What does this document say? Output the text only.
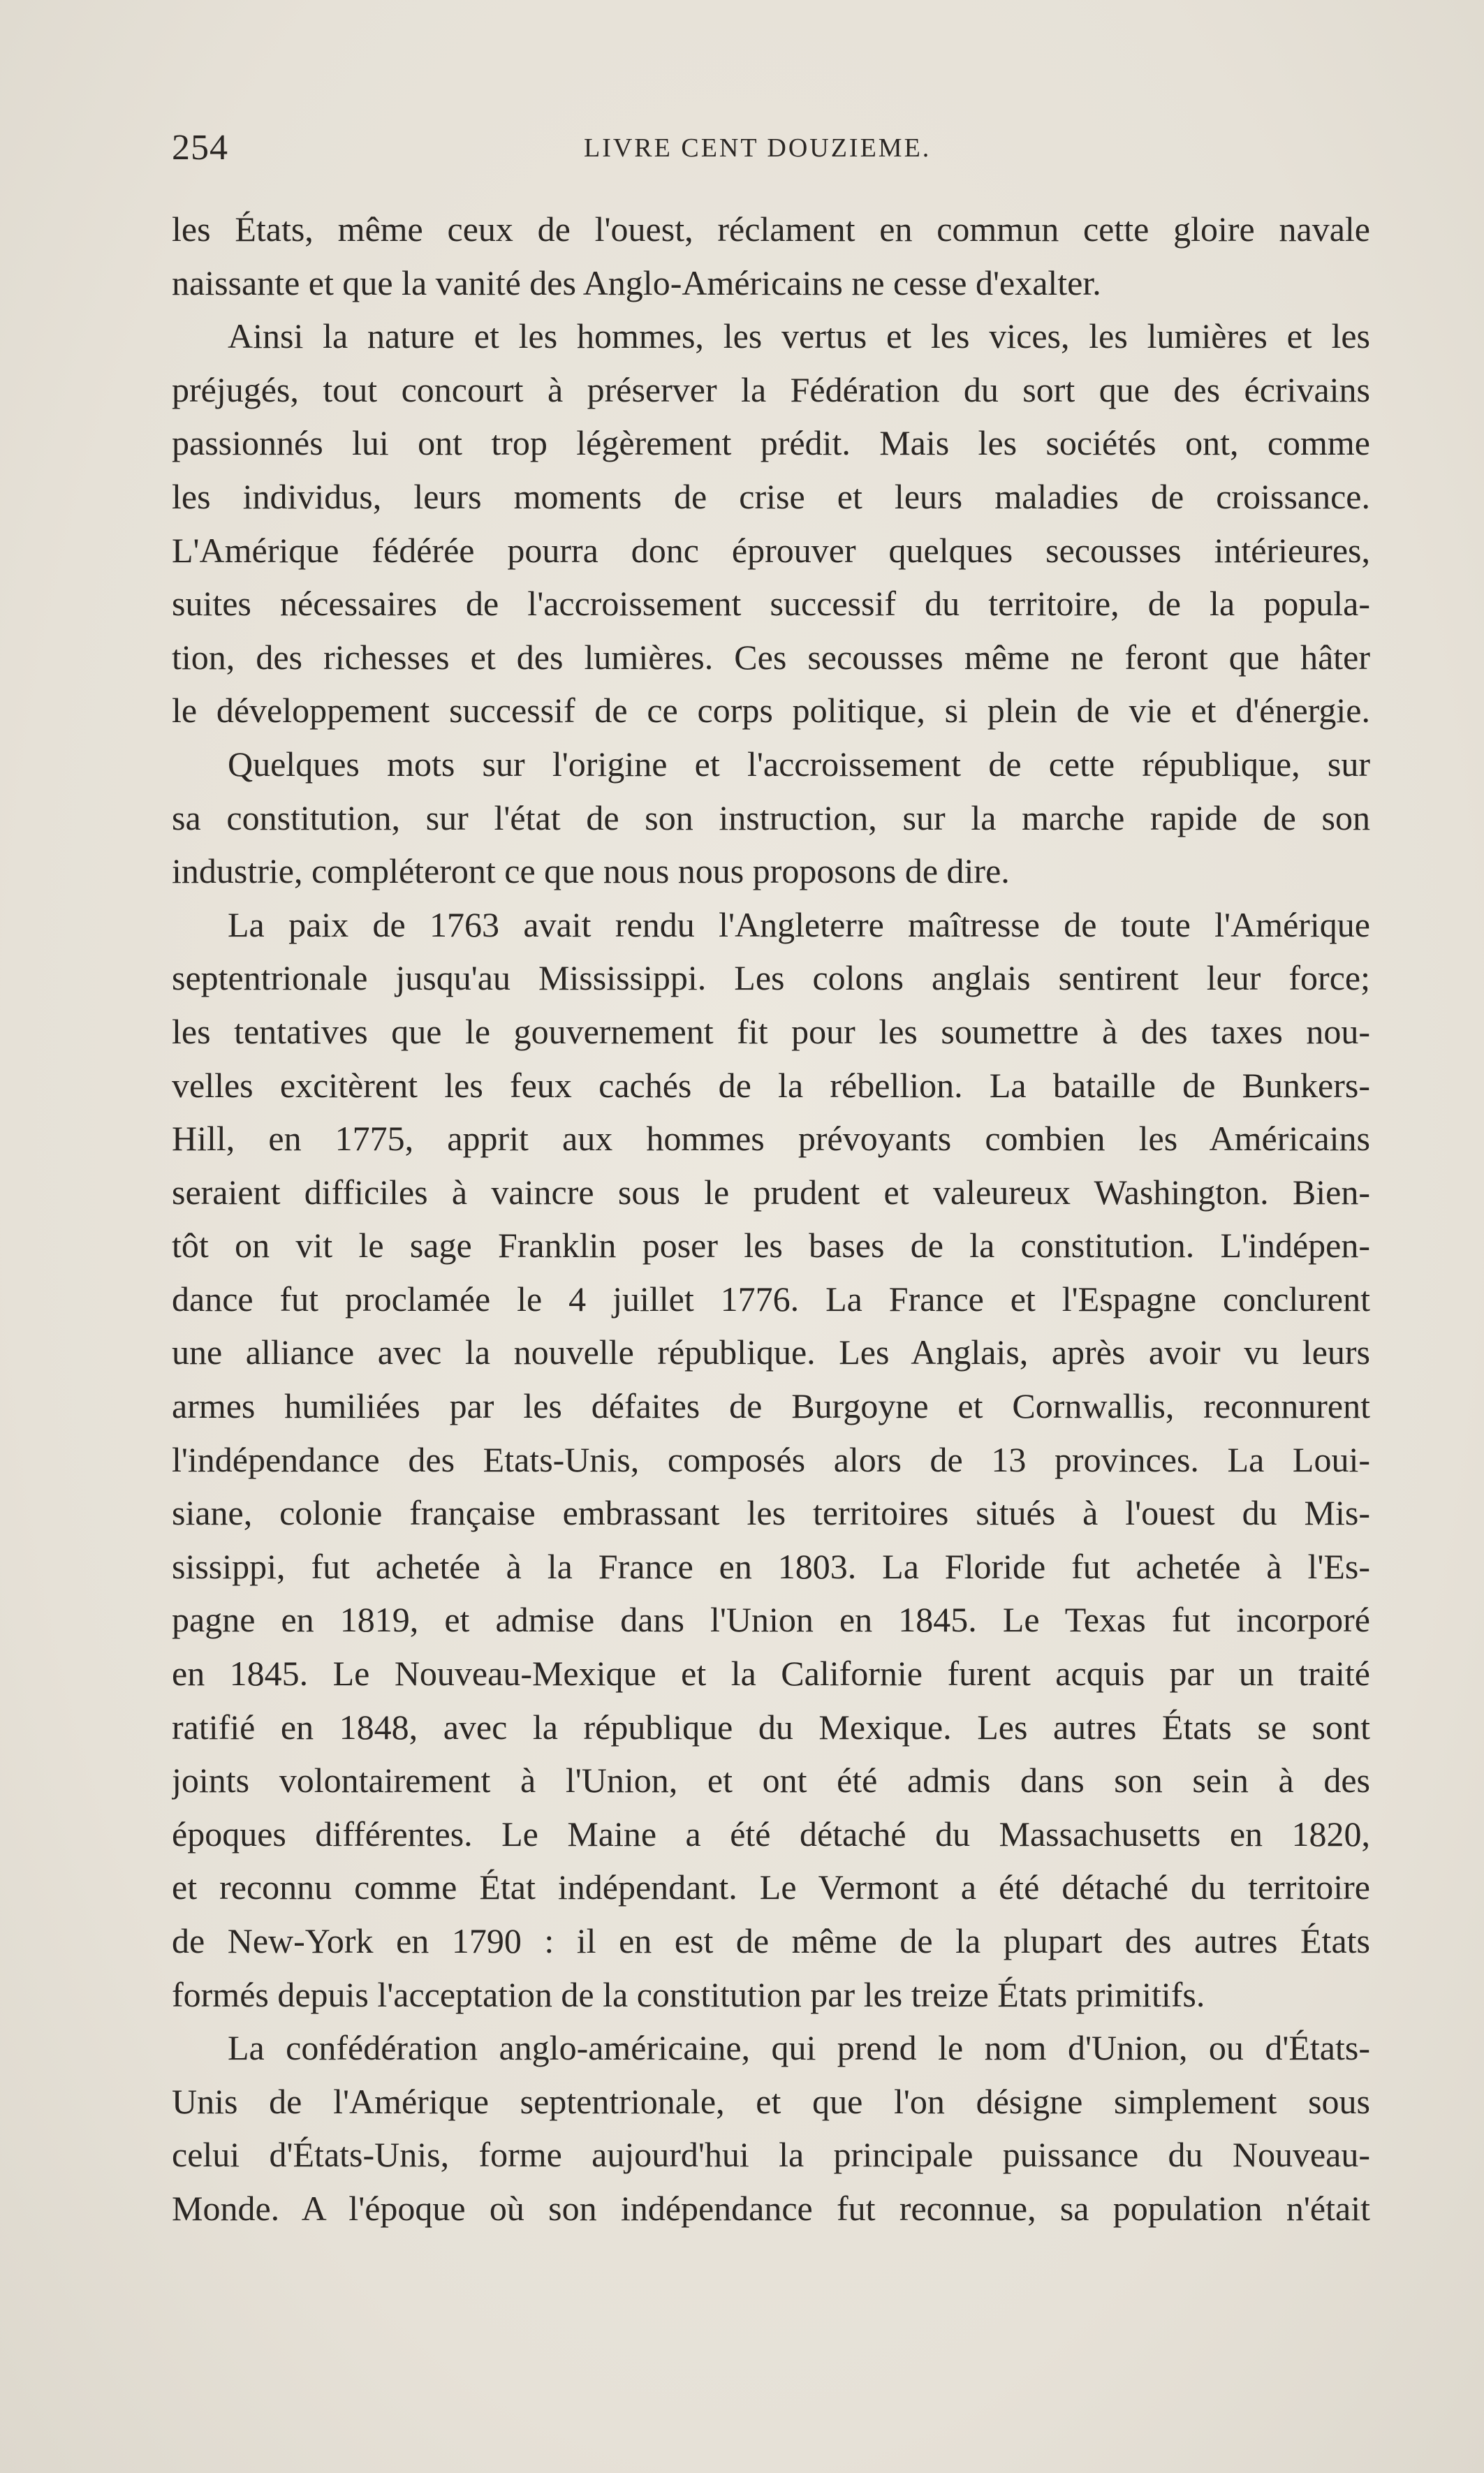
254	LIVRE CENT DOUZIEME.
les États, même ceux de l'ouest, réclament en commun cette gloire navale
naissante et que la vanité des Anglo-Américains ne cesse d'exalter.
Ainsi la nature et les hommes, les vertus et les vices, les lumières et les
préjugés, tout concourt à préserver la Fédération du sort que des écrivains
passionnés lui ont trop légèrement prédit. Mais les sociétés ont, comme
les individus, leurs moments de crise et leurs maladies de croissance.
L'Amérique fédérée pourra donc éprouver quelques secousses intérieures,
suites nécessaires de l'accroissement successif du territoire, de la popula-
tion, des richesses et des lumières. Ces secousses même ne feront que hâter
le développement successif de ce corps politique, si plein de vie et d'énergie.
Quelques mots sur l'origine et l'accroissement de cette république, sur
sa constitution, sur l'état de son instruction, sur la marche rapide de son
industrie, compléteront ce que nous nous proposons de dire.
La paix de 1763 avait rendu l'Angleterre maîtresse de toute l'Amérique
septentrionale jusqu'au Mississippi. Les colons anglais sentirent leur force;
les tentatives que le gouvernement fit pour les soumettre à des taxes nou-
velles excitèrent les feux cachés de la rébellion. La bataille de Bunkers-
Hill, en 1775, apprit aux hommes prévoyants combien les Américains
seraient difficiles à vaincre sous le prudent et valeureux Washington. Bien-
tôt on vit le sage Franklin poser les bases de la constitution. L'indépen-
dance fut proclamée le 4 juillet 1776. La France et l'Espagne conclurent
une alliance avec la nouvelle république. Les Anglais, après avoir vu leurs
armes humiliées par les défaites de Burgoyne et Cornwallis, reconnurent
l'indépendance des Etats-Unis, composés alors de 13 provinces. La Loui-
siane, colonie française embrassant les territoires situés à l'ouest du Mis-
sissippi, fut achetée à la France en 1803. La Floride fut achetée à l'Es-
pagne en 1819, et admise dans l'Union en 1845. Le Texas fut incorporé
en 1845. Le Nouveau-Mexique et la Californie furent acquis par un traité
ratifié en 1848, avec la république du Mexique. Les autres États se sont
joints volontairement à l'Union, et ont été admis dans son sein à des
époques différentes. Le Maine a été détaché du Massachusetts en 1820,
et reconnu comme État indépendant. Le Vermont a été détaché du territoire
de New-York en 1790 : il en est de même de la plupart des autres États
formés depuis l'acceptation de la constitution par les treize États primitifs.
La confédération anglo-américaine, qui prend le nom d'Union, ou d'États-
Unis de l'Amérique septentrionale, et que l'on désigne simplement sous
celui d'États-Unis, forme aujourd'hui la principale puissance du Nouveau-
Monde. A l'époque où son indépendance fut reconnue, sa population n'était
